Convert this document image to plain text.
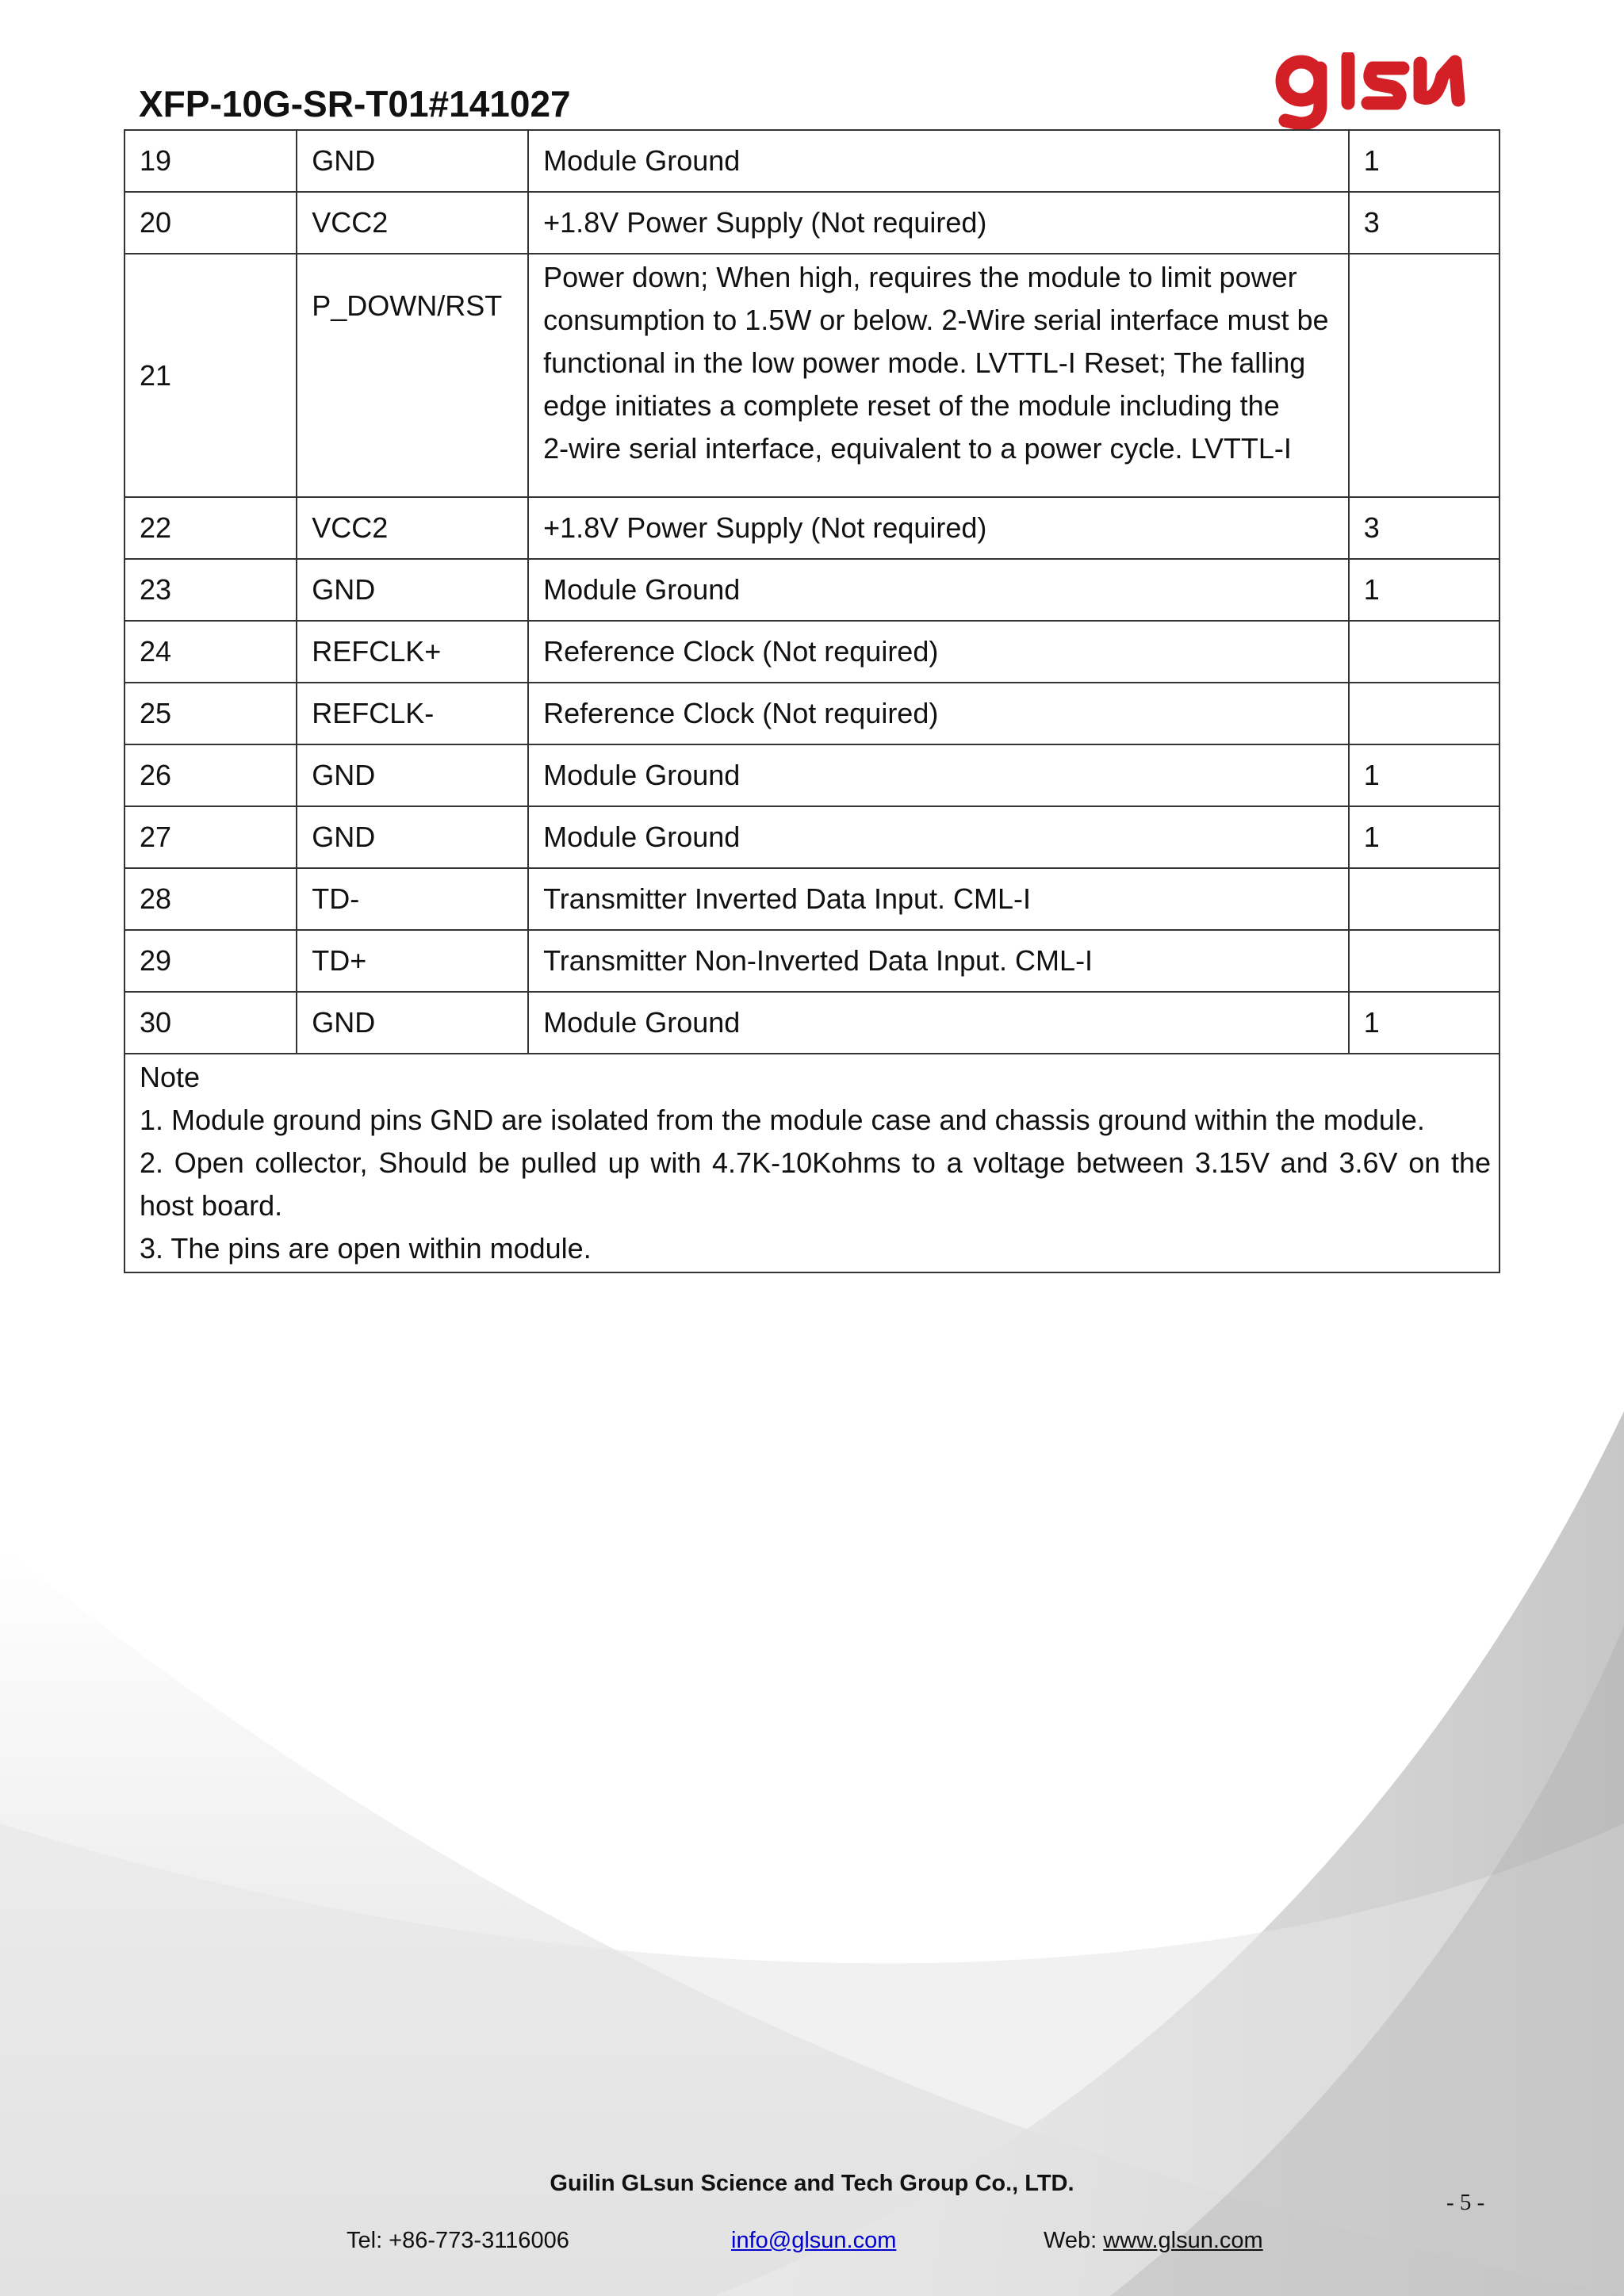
XFP-10G-SR-T01#141027
19	GND	Module Ground	1
20	VCC2	+1.8V Power Supply (Not required)	3
21	P_DOWN/RST	Power down; When high, requires the module to limit power
consumption to 1.5W or below. 2-Wire serial interface must be
functional in the low power mode. LVTTL-I Reset; The falling
edge initiates a complete reset of the module including the
2-wire serial interface, equivalent to a power cycle. LVTTL-I	

22	VCC2	+1.8V Power Supply (Not required)	3
23	GND	Module Ground	1
24	REFCLK+	Reference Clock (Not required)	
25	REFCLK-	Reference Clock (Not required)	
26	GND	Module Ground	1
27	GND	Module Ground	1
28	TD-	Transmitter Inverted Data Input. CML-I	
29	TD+	Transmitter Non-Inverted Data Input. CML-I	
30	GND	Module Ground	1

Note
1. Module ground pins GND are isolated from the module case and chassis ground within the module.
2. Open collector, Should be pulled up with 4.7K-10Kohms to a voltage between 3.15V and 3.6V on the
host board.
3. The pins are open within module.			
Guilin GLsun Science and Tech Group Co., LTD.
- 5 -
Tel: +86-773-3116006	info@glsun.com	Web: www.glsun.com
